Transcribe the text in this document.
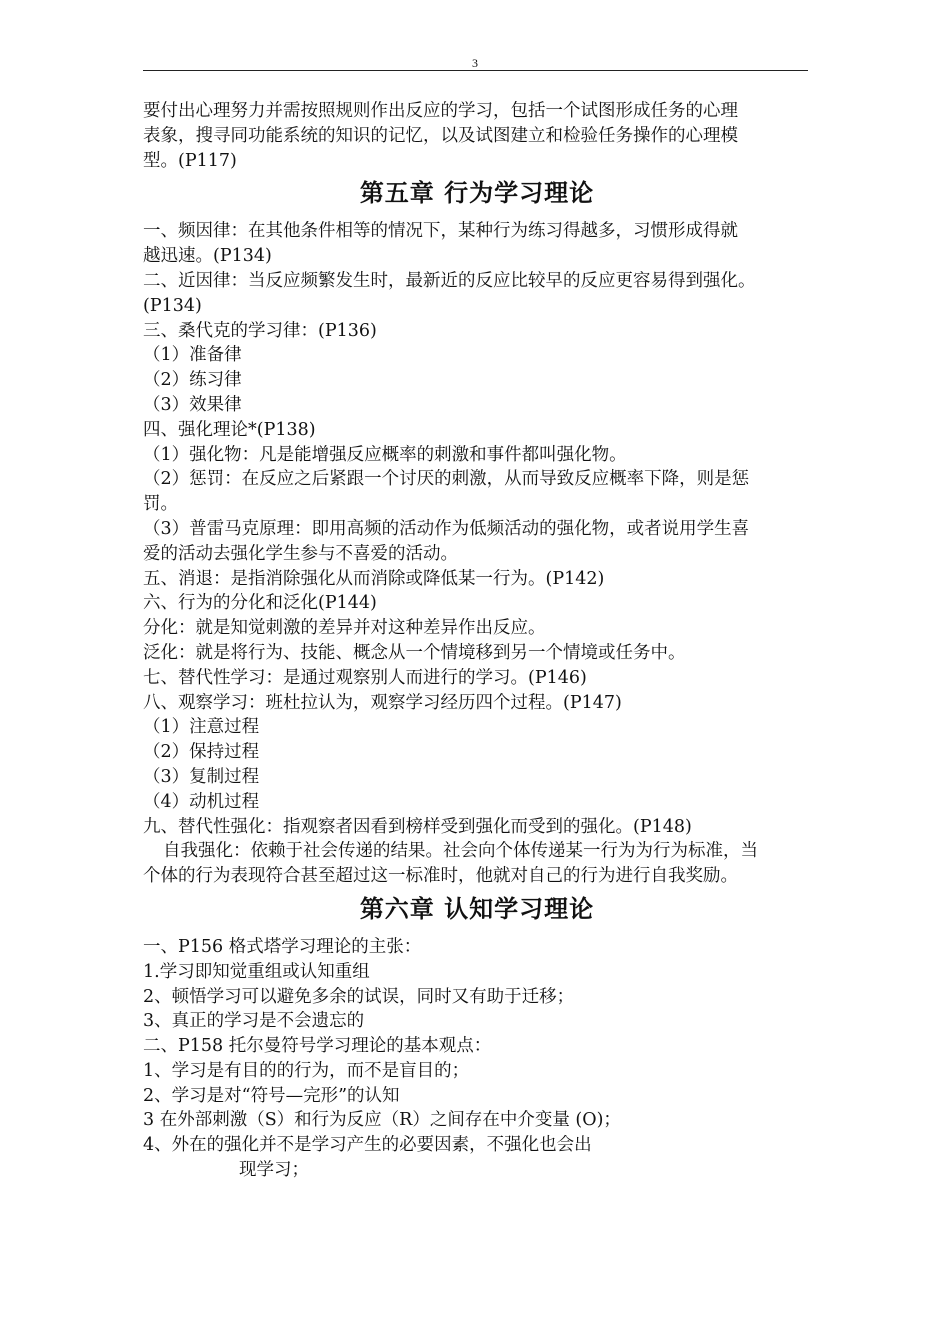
3
要付出心理努力并需按照规则作出反应的学习，包括一个试图形成任务的心理
表象，搜寻同功能系统的知识的记忆，以及试图建立和检验任务操作的心理模
型。(P117)
第五章 行为学习理论
一、频因律：在其他条件相等的情况下，某种行为练习得越多，习惯形成得就
越迅速。(P134)
二、近因律：当反应频繁发生时，最新近的反应比较早的反应更容易得到强化。
(P134)
三、桑代克的学习律：(P136)
（1）准备律
（2）练习律
（3）效果律
四、强化理论*(P138)
（1）强化物：凡是能增强反应概率的刺激和事件都叫强化物。
（2）惩罚：在反应之后紧跟一个讨厌的刺激，从而导致反应概率下降，则是惩
罚。
（3）普雷马克原理：即用高频的活动作为低频活动的强化物，或者说用学生喜
爱的活动去强化学生参与不喜爱的活动。
五、消退：是指消除强化从而消除或降低某一行为。(P142)
六、行为的分化和泛化(P144)
分化：就是知觉刺激的差异并对这种差异作出反应。
泛化：就是将行为、技能、概念从一个情境移到另一个情境或任务中。
七、替代性学习：是通过观察别人而进行的学习。(P146)
八、观察学习：班杜拉认为，观察学习经历四个过程。(P147)
（1）注意过程
（2）保持过程
（3）复制过程
（4）动机过程
九、替代性强化：指观察者因看到榜样受到强化而受到的强化。(P148)
自我强化：依赖于社会传递的结果。社会向个体传递某一行为为行为标准，当
个体的行为表现符合甚至超过这一标准时，他就对自己的行为进行自我奖励。
第六章 认知学习理论
一、P156 格式塔学习理论的主张：
1.学习即知觉重组或认知重组
2、顿悟学习可以避免多余的试误，同时又有助于迁移；
3、真正的学习是不会遗忘的
二、P158 托尔曼符号学习理论的基本观点：
1、学习是有目的的行为，而不是盲目的；
2、学习是对“符号—完形”的认知
3 在外部刺激（S）和行为反应（R）之间存在中介变量 (O)；
4、外在的强化并不是学习产生的必要因素，不强化也会出
现学习；
